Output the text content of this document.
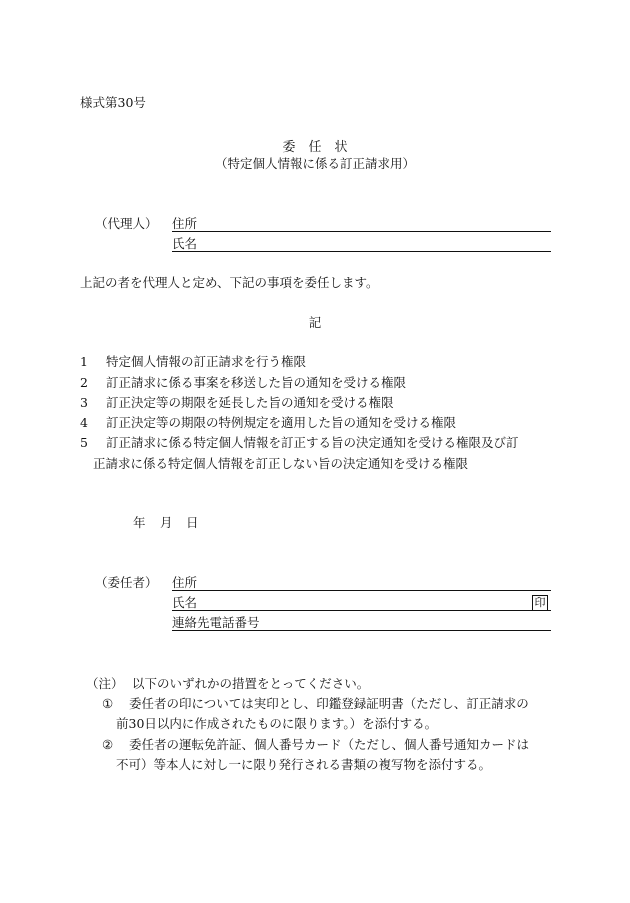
様式第30号
委　任　状
（特定個人情報に係る訂正請求用）
（代理人） 住所
氏名
上記の者を代理人と定め、下記の事項を委任します。
記
1 特定個人情報の訂正請求を行う権限
2 訂正請求に係る事案を移送した旨の通知を受ける権限
3 訂正決定等の期限を延長した旨の通知を受ける権限
4 訂正決定等の期限の特例規定を適用した旨の通知を受ける権限
5 訂正請求に係る特定個人情報を訂正する旨の決定通知を受ける権限及び訂
正請求に係る特定個人情報を訂正しない旨の決定通知を受ける権限
年 月 日
（委任者） 住所
氏名	印
連絡先電話番号
（注） 以下のいずれかの措置をとってください。
① 委任者の印については実印とし、印鑑登録証明書（ただし、訂正請求の
前30日以内に作成されたものに限ります。）を添付する。
② 委任者の運転免許証、個人番号カード（ただし、個人番号通知カードは
不可）等本人に対し一に限り発行される書類の複写物を添付する。
